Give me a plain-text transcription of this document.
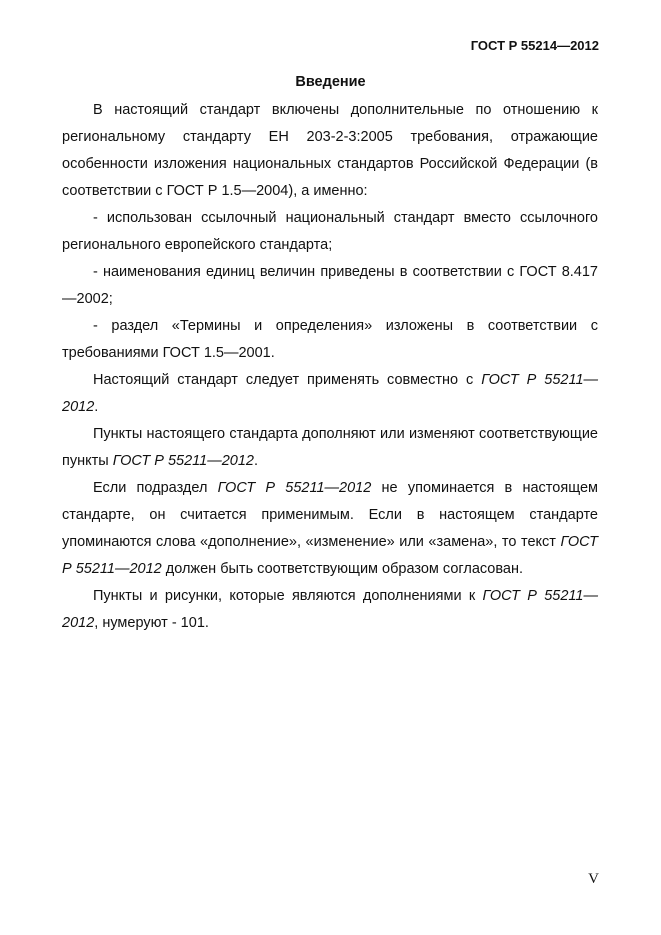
ГОСТ Р 55214—2012
Введение

В настоящий стандарт включены дополнительные по отношению к региональному стандарту ЕН 203-2-3:2005 требования, отражающие особенности изложения национальных стандартов Российской Федерации (в соответствии с ГОСТ Р 1.5—2004), а именно:

- использован ссылочный национальный стандарт вместо ссылочного регионального европейского стандарта;

- наименования единиц величин приведены в соответствии с ГОСТ 8.417—2002;

- раздел «Термины и определения» изложены в соответствии с требованиями ГОСТ 1.5—2001.

Настоящий стандарт следует применять совместно с ГОСТ Р 55211—2012.

Пункты настоящего стандарта дополняют или изменяют соответствующие пункты ГОСТ Р 55211—2012.

Если подраздел ГОСТ Р 55211—2012 не упоминается в настоящем стандарте, он считается применимым. Если в настоящем стандарте упоминаются слова «дополнение», «изменение» или «замена», то текст ГОСТ Р 55211—2012 должен быть соответствующим образом согласован.

Пункты и рисунки, которые являются дополнениями к ГОСТ Р 55211—2012, нумеруют - 101.

V
